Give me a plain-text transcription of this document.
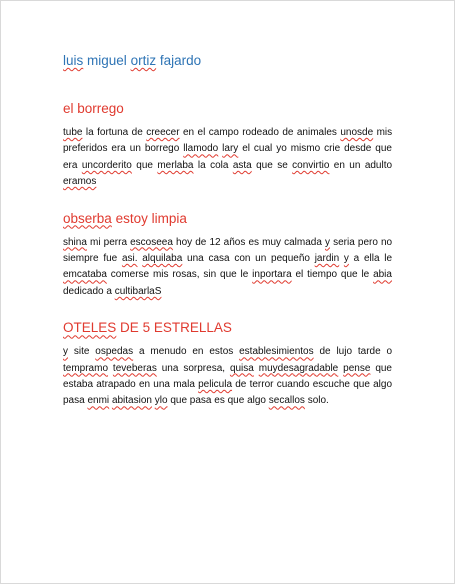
luis miguel ortiz fajardo
el borrego

tube la fortuna de creecer en el campo rodeado de animales unosde mis preferidos era un borrego llamodo lary el cual yo mismo crie desde que era uncorderito que merlaba la cola asta que se convirtio en un adulto eramos

obserba estoy limpia

shina mi perra escoseea hoy de 12 años es muy calmada y seria pero no siempre fue asi. alquilaba una casa con un pequeño jardin y a ella le emcataba comerse mis rosas, sin que le inportara el tiempo que le abia dedicado a cultibarlaS

OTELES DE 5 ESTRELLAS

y site ospedas a menudo en estos establesimientos de lujo tarde o tempramo teveberas una sorpresa, quisa muydesagradable pense que estaba atrapado en una mala pelicula de terror cuando escuche que algo pasa enmi abitasion ylo que pasa es que algo secallos solo.
